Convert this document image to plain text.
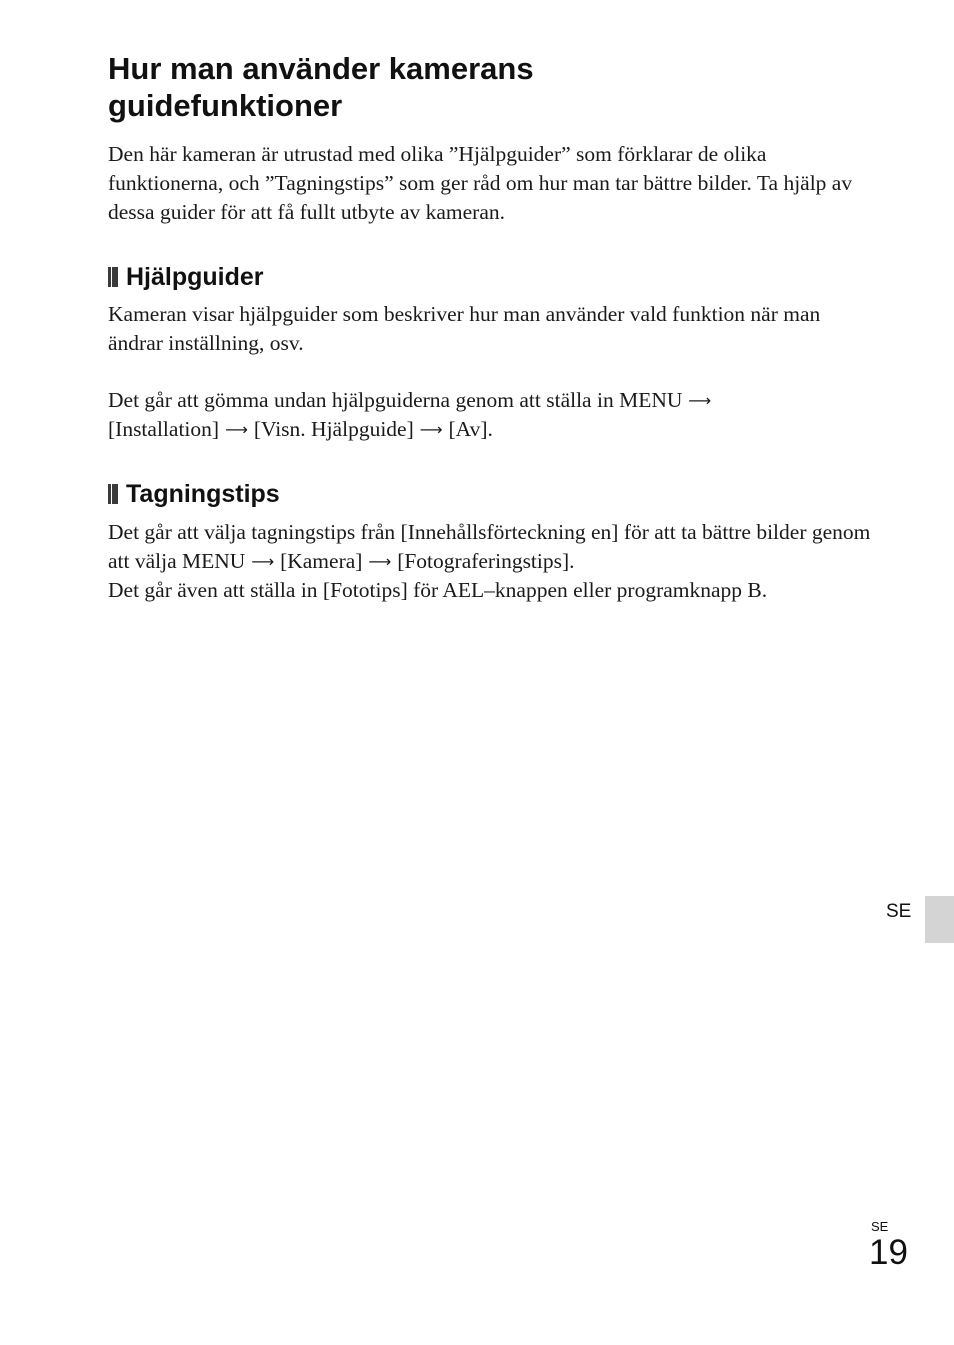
Hur man använder kamerans
guidefunktioner

Den här kameran är utrustad med olika ”Hjälpguider” som förklarar de olika funktionerna, och ”Tagningstips” som ger råd om hur man tar bättre bilder. Ta hjälp av dessa guider för att få fullt utbyte av kameran.

Hjälpguider

Kameran visar hjälpguider som beskriver hur man använder vald funktion när man ändrar inställning, osv.

Det går att gömma undan hjälpguiderna genom att ställa in MENU ⟶
[Installation] ⟶ [Visn. Hjälpguide] ⟶ [Av].

Tagningstips

Det går att välja tagningstips från [Innehållsförteckning en] för att ta bättre bilder genom att välja MENU ⟶ [Kamera] ⟶ [Fotograferingstips].
Det går även att ställa in [Fototips] för AEL–knappen eller programknapp B.

SE
SE
19
